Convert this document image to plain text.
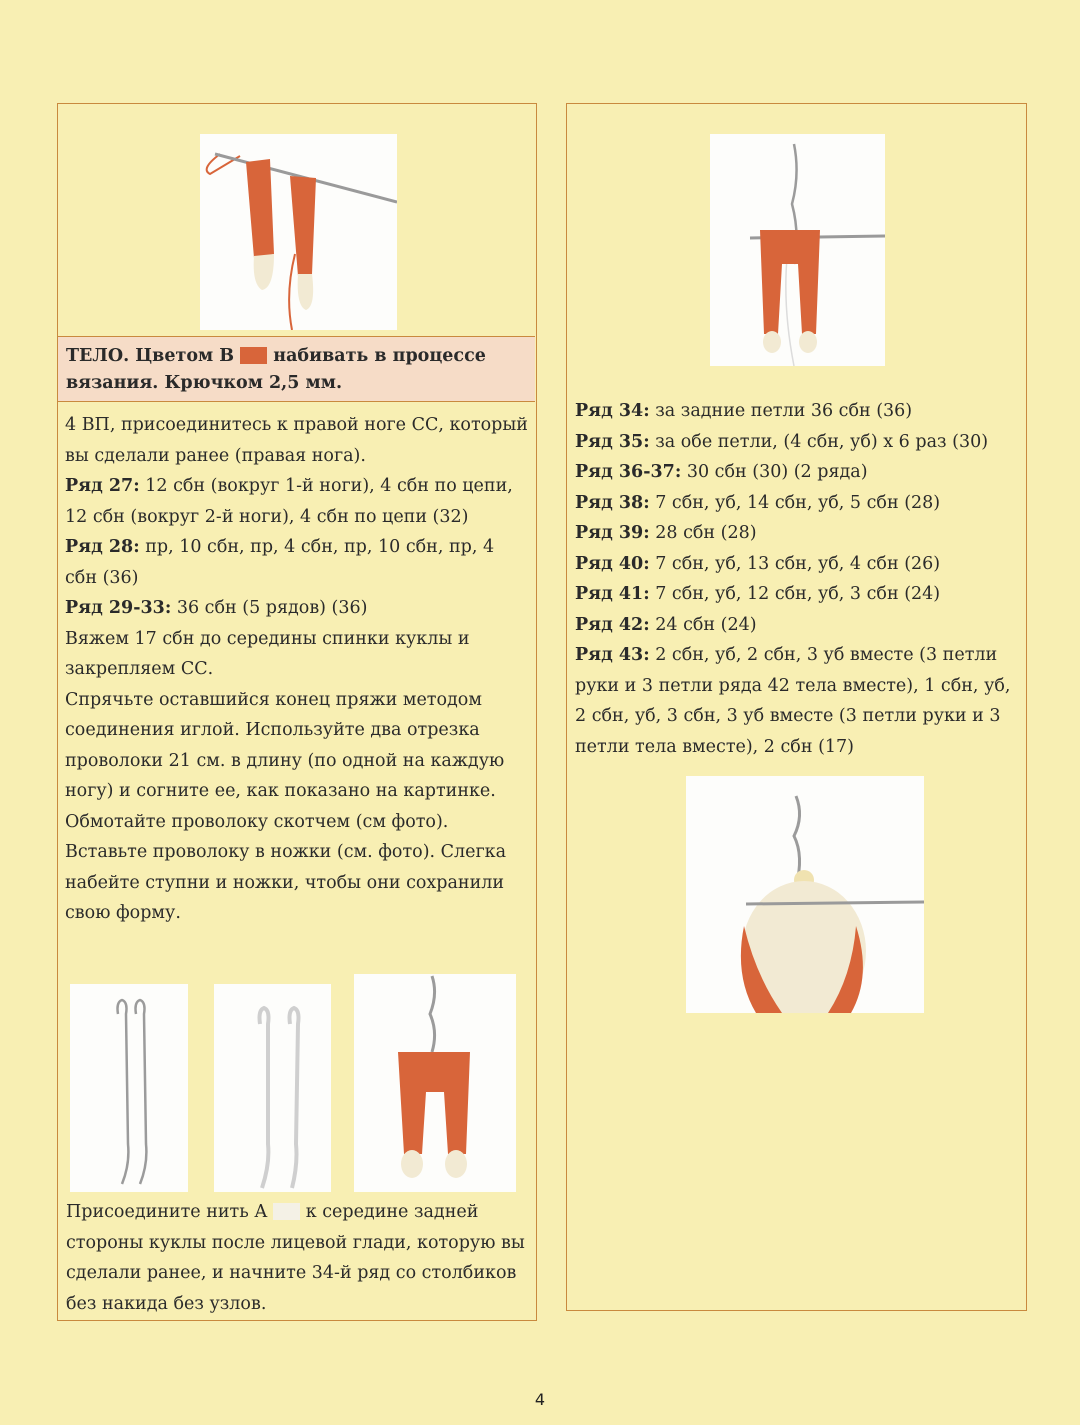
ТЕЛО. Цветом В набивать в процессе вязания. Крючком 2,5 мм.

4 ВП, присоединитесь к правой ноге СС, который вы сделали ранее (правая нога).

Ряд 27: 12 сбн (вокруг 1-й ноги), 4 сбн по цепи, 12 сбн (вокруг 2-й ноги), 4 сбн по цепи (32)

Ряд 28: пр, 10 сбн, пр, 4 сбн, пр, 10 сбн, пр, 4 сбн (36)

Ряд 29-33: 36 сбн (5 рядов) (36)

Вяжем 17 сбн до середины спинки куклы и закрепляем СС.

Спрячьте оставшийся конец пряжи методом соединения иглой. Используйте два отрезка проволоки 21 см. в длину (по одной на каждую ногу) и согните ее, как показано на картинке. Обмотайте проволоку скотчем (см фото). Вставьте проволоку в ножки (см. фото). Слегка набейте ступни и ножки, чтобы они сохранили свою форму.

Присоедините нить А к середине задней стороны куклы после лицевой глади, которую вы сделали ранее, и начните 34-й ряд со столбиков без накида без узлов.

Ряд 34: за задние петли 36 сбн (36)

Ряд 35: за обе петли, (4 сбн, уб) х 6 раз (30)

Ряд 36-37: 30 сбн (30) (2 ряда)

Ряд 38: 7 сбн, уб, 14 сбн, уб, 5 сбн (28)

Ряд 39: 28 сбн (28)

Ряд 40: 7 сбн, уб, 13 сбн, уб, 4 сбн (26)

Ряд 41: 7 сбн, уб, 12 сбн, уб, 3 сбн (24)

Ряд 42: 24 сбн (24)

Ряд 43: 2 сбн, уб, 2 сбн, 3 уб вместе (3 петли руки и 3 петли ряда 42 тела вместе), 1 сбн, уб, 2 сбн, уб, 3 сбн, 3 уб вместе (3 петли руки и 3 петли тела вместе), 2 сбн (17)

4
